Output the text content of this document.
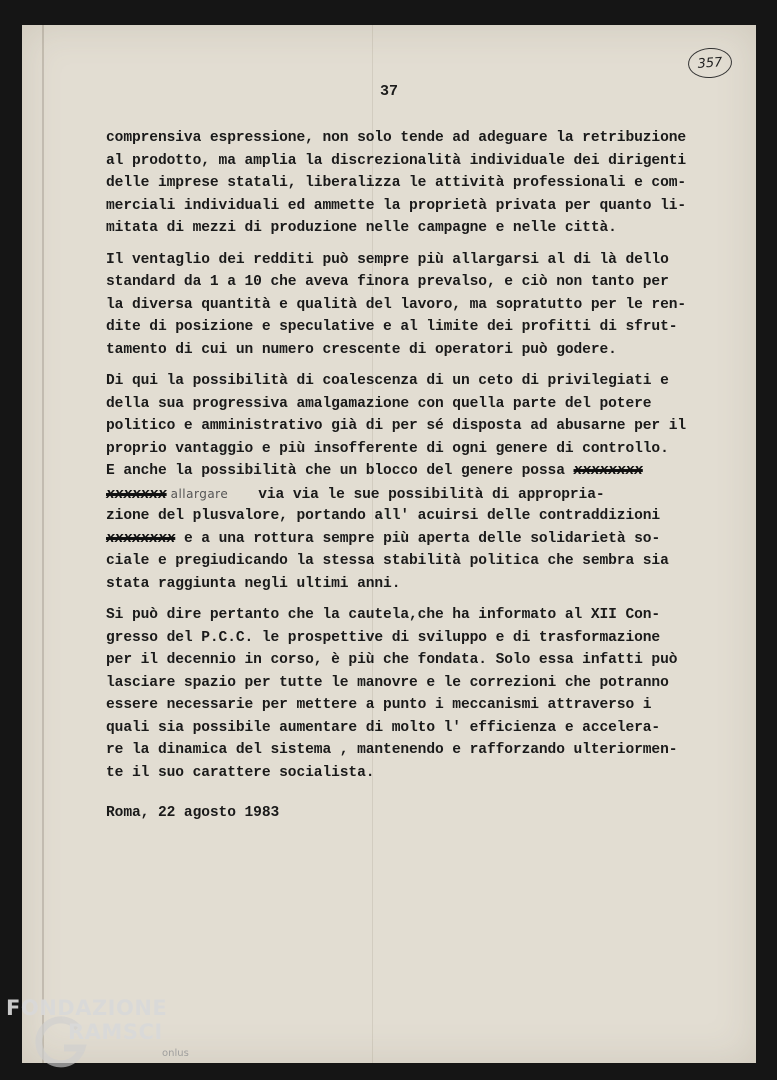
357
37
comprensiva espressione, non solo tende ad adeguare la retribuzione
al prodotto, ma amplia la discrezionalità individuale dei dirigenti
delle imprese statali, liberalizza le attività professionali e com-
merciali individuali ed ammette la proprietà privata per quanto li-
mitata di mezzi di produzione nelle campagne e nelle città.
Il ventaglio dei redditi può sempre più allargarsi al di là dello
standard da 1 a 10 che aveva finora prevalso, e ciò non tanto per
la diversa quantità e qualità del lavoro, ma sopratutto per le ren-
dite di posizione e speculative e al limite dei profitti di sfrut-
tamento di cui un numero crescente di operatori può godere.
Di qui la possibilità di coalescenza di un ceto di privilegiati e
della sua progressiva amalgamazione con quella parte del potere
politico e amministrativo già di per sé disposta ad abusarne per il
proprio vantaggio e più insofferente di ogni genere di controllo.
E anche la possibilità che un blocco del genere possa xxxxxxxx
xxxxxxx allargare via via le sue possibilità di appropria-
zione del plusvalore, portando all' acuirsi delle contraddizioni
xxxxxxxx e a una rottura sempre più aperta delle solidarietà so-
ciale e pregiudicando la stessa stabilità politica che sembra sia
stata raggiunta negli ultimi anni.
Si può dire pertanto che la cautela,che ha informato al XII Con-
gresso del P.C.C. le prospettive di sviluppo e di trasformazione
per il decennio in corso, è più che fondata. Solo essa infatti può
lasciare spazio per tutte le manovre e le correzioni che potranno
essere necessarie per mettere a punto i meccanismi attraverso i
quali sia possibile aumentare di molto l' efficienza e accelera-
re la dinamica del sistema , mantenendo e rafforzando ulteriormen-
te il suo carattere socialista.
Roma, 22 agosto 1983
FONDAZIONE
RAMSCI
onlus
